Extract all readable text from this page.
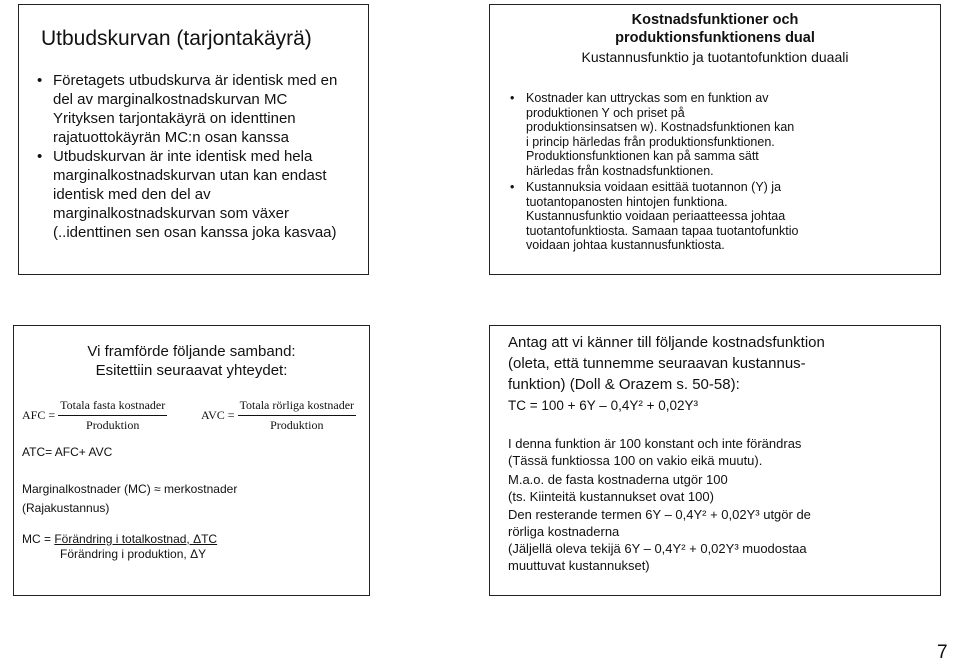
Utbudskurvan (tarjontakäyrä)
• Företagets utbudskurva är identisk med en
del av marginalkostnadskurvan MC
Yrityksen tarjontakäyrä on identtinen
rajatuottokäyrän MC:n osan kanssa
• Utbudskurvan är inte identisk med hela
marginalkostnadskurvan utan kan endast
identisk med den del av
marginalkostnadskurvan som växer
(..identtinen sen osan kanssa joka kasvaa)
Kostnadsfunktioner och
produktionsfunktionens dual
Kustannusfunktio ja tuotantofunktion duaali
• Kostnader kan uttryckas som en funktion av
produktionen Y och priset på
produktionsinsatsen w). Kostnadsfunktionen kan
i princip härledas från produktionsfunktionen.
Produktionsfunktionen kan på samma sätt
härledas från kostnadsfunktionen.
• Kustannuksia voidaan esittää tuotannon (Y) ja
tuotantopanosten hintojen funktiona.
Kustannusfunktio voidaan periaatteessa johtaa
tuotantofunktiosta. Samaan tapaa tuotantofunktio
voidaan johtaa kustannusfunktiosta.
Vi framförde följande samband:
Esitettiin seuraavat yhteydet:
AFC = $\frac{\text{Totala fasta kostnader}}{\text{Produktion}}$	AVC = $\frac{\text{Totala rörliga kostnader}}{\text{Produktion}}$
ATC= AFC+ AVC
Marginalkostnader (MC) ≈ merkostnader
(Rajakustannus)
MC = Förändring i totalkostnad, ΔTC
Förändring i produktion, ΔY
Antag att vi känner till följande kostnadsfunktion
(oleta, että tunnemme seuraavan kustannus-
funktion) (Doll & Orazem s. 50-58):
TC = 100 + 6Y – 0,4Y² + 0,02Y³
I denna funktion är 100 konstant och inte förändras
(Tässä funktiossa 100 on vakio eikä muutu).
M.a.o. de fasta kostnaderna utgör 100
(ts. Kiinteitä kustannukset ovat 100)
Den resterande termen 6Y – 0,4Y² + 0,02Y³ utgör de
rörliga kostnaderna
(Jäljellä oleva tekijä 6Y – 0,4Y² + 0,02Y³ muodostaa
muuttuvat kustannukset)
7
